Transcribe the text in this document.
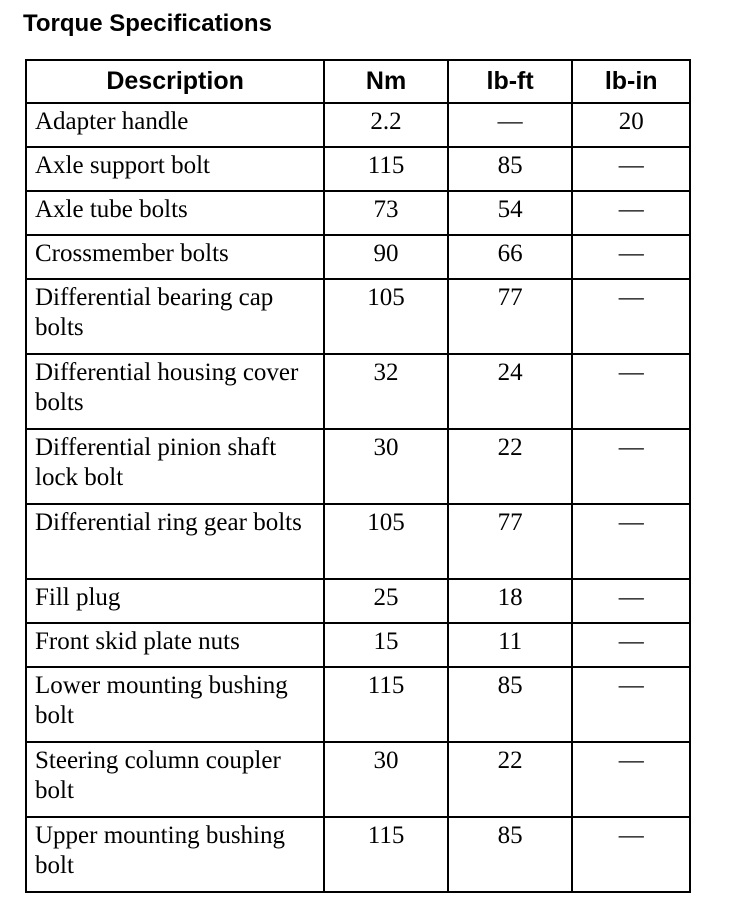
Torque Specifications
Description	Nm	lb-ft	lb-in
Adapter handle	2.2	—	20
Axle support bolt	115	85	—
Axle tube bolts	73	54	—
Crossmember bolts	90	66	—
Differential bearing cap bolts	105	77	—
Differential housing cover bolts	32	24	—
Differential pinion shaft lock bolt	30	22	—
Differential ring gear bolts	105	77	—
Fill plug	25	18	—
Front skid plate nuts	15	11	—
Lower mounting bushing bolt	115	85	—
Steering column coupler bolt	30	22	—
Upper mounting bushing bolt	115	85	—
